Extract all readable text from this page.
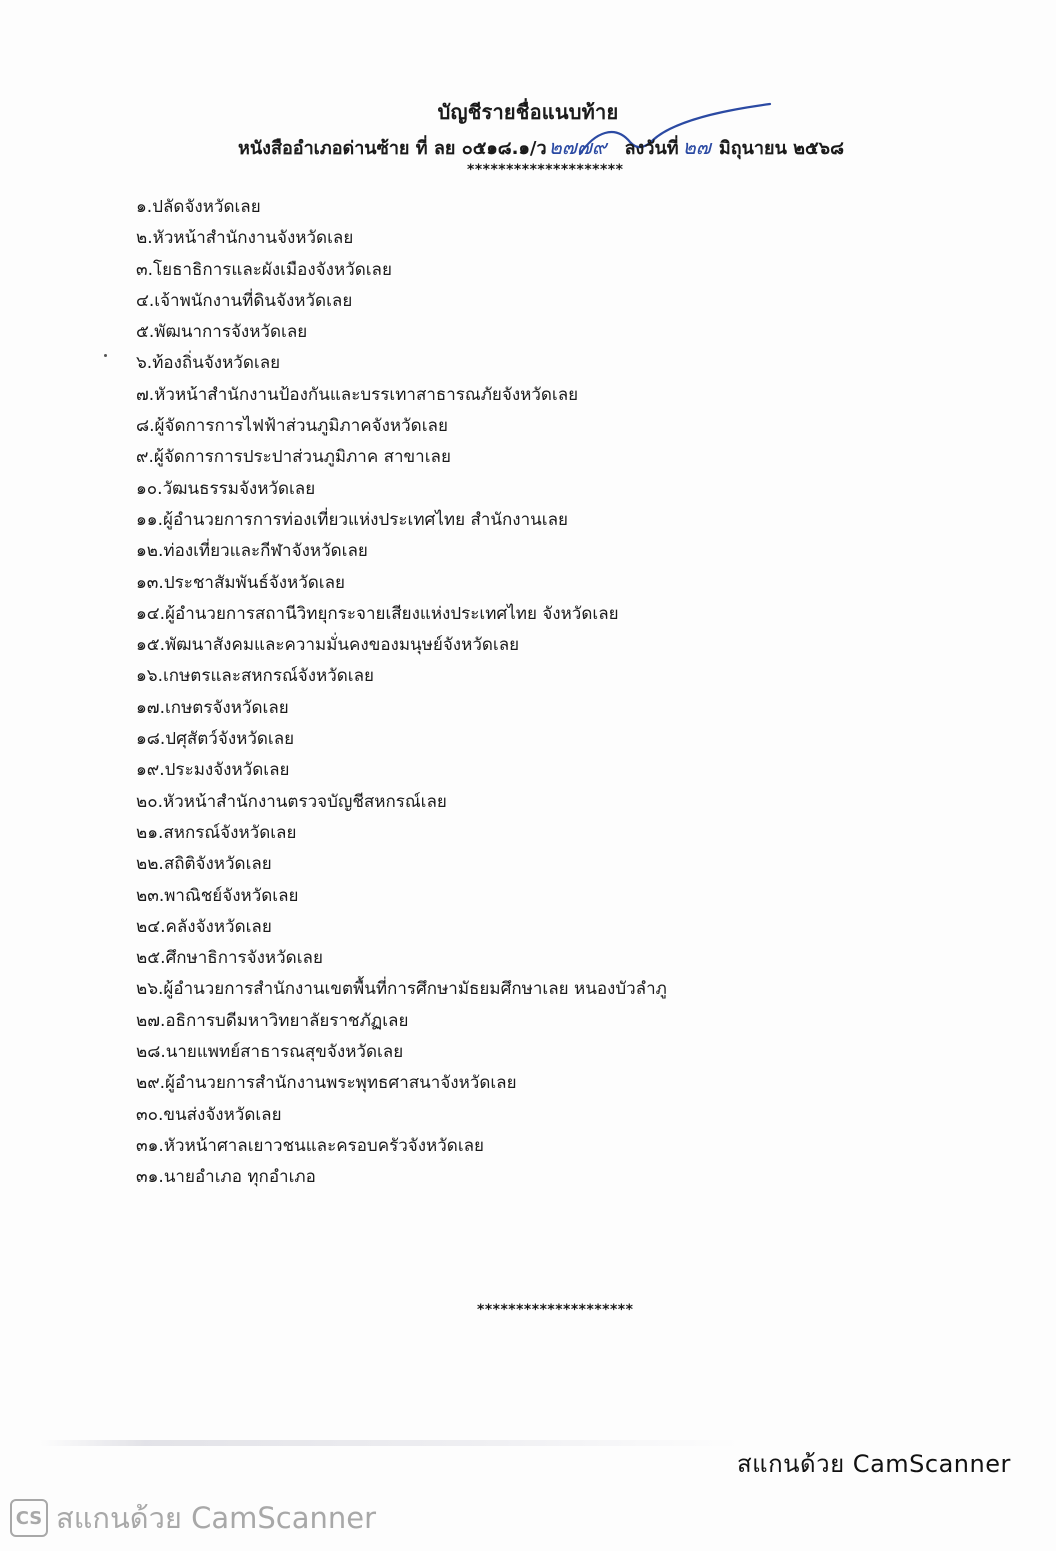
บัญชีรายชื่อแนบท้าย
หนังสืออำเภอด่านซ้าย ที่ ลย ๐๕๑๘.๑/ว ๒๗๗๙ ลงวันที่ ๒๗ มิถุนายน ๒๕๖๘
********************
๑.ปลัดจังหวัดเลย
๒.หัวหน้าสำนักงานจังหวัดเลย
๓.โยธาธิการและผังเมืองจังหวัดเลย
๔.เจ้าพนักงานที่ดินจังหวัดเลย
๕.พัฒนาการจังหวัดเลย
๖.ท้องถิ่นจังหวัดเลย
๗.หัวหน้าสำนักงานป้องกันและบรรเทาสาธารณภัยจังหวัดเลย
๘.ผู้จัดการการไฟฟ้าส่วนภูมิภาคจังหวัดเลย
๙.ผู้จัดการการประปาส่วนภูมิภาค สาขาเลย
๑๐.วัฒนธรรมจังหวัดเลย
๑๑.ผู้อำนวยการการท่องเที่ยวแห่งประเทศไทย สำนักงานเลย
๑๒.ท่องเที่ยวและกีฬาจังหวัดเลย
๑๓.ประชาสัมพันธ์จังหวัดเลย
๑๔.ผู้อำนวยการสถานีวิทยุกระจายเสียงแห่งประเทศไทย จังหวัดเลย
๑๕.พัฒนาสังคมและความมั่นคงของมนุษย์จังหวัดเลย
๑๖.เกษตรและสหกรณ์จังหวัดเลย
๑๗.เกษตรจังหวัดเลย
๑๘.ปศุสัตว์จังหวัดเลย
๑๙.ประมงจังหวัดเลย
๒๐.หัวหน้าสำนักงานตรวจบัญชีสหกรณ์เลย
๒๑.สหกรณ์จังหวัดเลย
๒๒.สถิติจังหวัดเลย
๒๓.พาณิชย์จังหวัดเลย
๒๔.คลังจังหวัดเลย
๒๕.ศึกษาธิการจังหวัดเลย
๒๖.ผู้อำนวยการสำนักงานเขตพื้นที่การศึกษามัธยมศึกษาเลย หนองบัวลำภู
๒๗.อธิการบดีมหาวิทยาลัยราชภัฏเลย
๒๘.นายแพทย์สาธารณสุขจังหวัดเลย
๒๙.ผู้อำนวยการสำนักงานพระพุทธศาสนาจังหวัดเลย
๓๐.ขนส่งจังหวัดเลย
๓๑.หัวหน้าศาลเยาวชนและครอบครัวจังหวัดเลย
๓๑.นายอำเภอ ทุกอำเภอ
********************
สแกนด้วย CamScanner
CS สแกนด้วย CamScanner
